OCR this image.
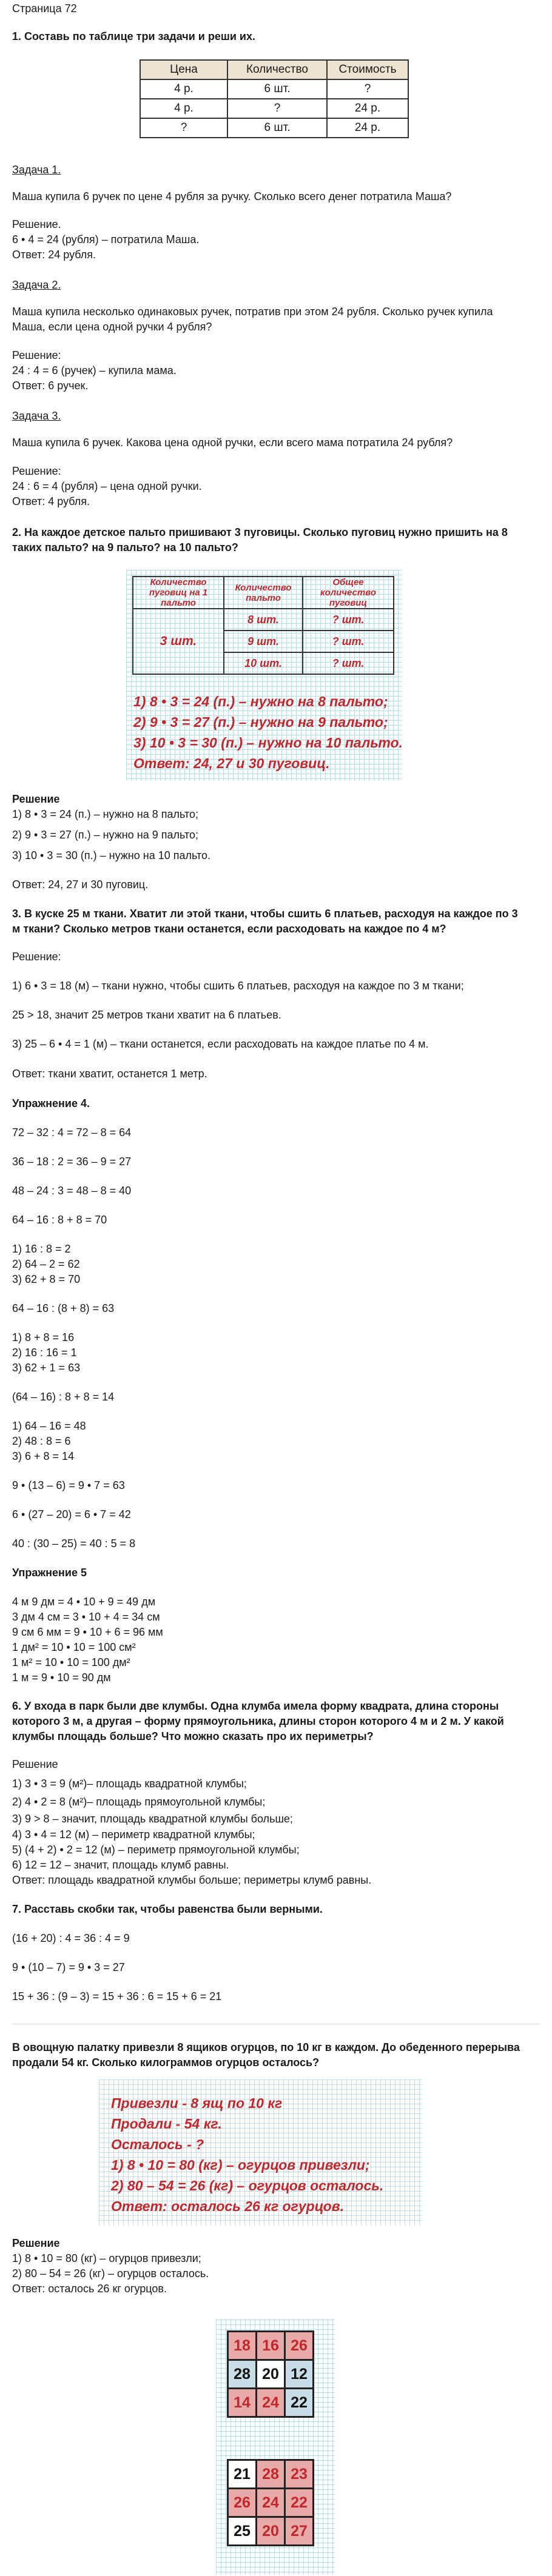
Страница 72
1. Составь по таблице три задачи и реши их.
Цена	Количество	Стоимость
4 р.	6 шт.	?
4 р.	?	24 р.
?	6 шт.	24 р.
Задача 1.
Маша купила 6 ручек по цене 4 рубля за ручку. Сколько всего денег потратила Маша?
Решение.
6 • 4 = 24 (рубля) – потратила Маша.
Ответ: 24 рубля.
Задача 2.
Маша купила несколько одинаковых ручек, потратив при этом 24 рубля. Сколько ручек купила
Маша, если цена одной ручки 4 рубля?
Решение:
24 : 4 = 6 (ручек) – купила мама.
Ответ: 6 ручек.
Задача 3.
Маша купила 6 ручек. Какова цена одной ручки, если всего мама потратила 24 рубля?
Решение:
24 : 6 = 4 (рубля) – цена одной ручки.
Ответ: 4 рубля.
2. На каждое детское пальто пришивают 3 пуговицы. Сколько пуговиц нужно пришить на 8
таких пальто? на 9 пальто? на 10 пальто?
Количество пуговиц на 1 пальто	Количество пальто	Общее количество пуговиц
3 шт.	8 шт.	? шт.
	9 шт.	? шт.
	10 шт.	? шт.
1) 8 • 3 = 24 (п.) – нужно на 8 пальто;
2) 9 • 3 = 27 (п.) – нужно на 9 пальто;
3) 10 • 3 = 30 (п.) – нужно на 10 пальто.
Ответ: 24, 27 и 30 пуговиц.
Решение
1) 8 • 3 = 24 (п.) – нужно на 8 пальто;
2) 9 • 3 = 27 (п.) – нужно на 9 пальто;
3) 10 • 3 = 30 (п.) – нужно на 10 пальто.
Ответ: 24, 27 и 30 пуговиц.
3. В куске 25 м ткани. Хватит ли этой ткани, чтобы сшить 6 платьев, расходуя на каждое по 3
м ткани? Сколько метров ткани останется, если расходовать на каждое по 4 м?
Решение:
1) 6 • 3 = 18 (м) – ткани нужно, чтобы сшить 6 платьев, расходуя на каждое по 3 м ткани;
25 > 18, значит 25 метров ткани хватит на 6 платьев.
3) 25 – 6 • 4 = 1 (м) – ткани останется, если расходовать на каждое платье по 4 м.
Ответ: ткани хватит, останется 1 метр.
Упражнение 4.
72 – 32 : 4 = 72 – 8 = 64
36 – 18 : 2 = 36 – 9 = 27
48 – 24 : 3 = 48 – 8 = 40
64 – 16 : 8 + 8 = 70
1) 16 : 8 = 2
2) 64 – 2 = 62
3) 62 + 8 = 70
64 – 16 : (8 + 8) = 63
1) 8 + 8 = 16
2) 16 : 16 = 1
3) 62 + 1 = 63
(64 – 16) : 8 + 8 = 14
1) 64 – 16 = 48
2) 48 : 8 = 6
3) 6 + 8 = 14
9 • (13 – 6) = 9 • 7 = 63
6 • (27 – 20) = 6 • 7 = 42
40 : (30 – 25) = 40 : 5 = 8
Упражнение 5
4 м 9 дм = 4 • 10 + 9 = 49 дм
3 дм 4 см = 3 • 10 + 4 = 34 см
9 см 6 мм = 9 • 10 + 6 = 96 мм
1 дм² = 10 • 10 = 100 см²
1 м² = 10 • 10 = 100 дм²
1 м = 9 • 10 = 90 дм
6. У входа в парк были две клумбы. Одна клумба имела форму квадрата, длина стороны
которого 3 м, а другая – форму прямоугольника, длины сторон которого 4 м и 2 м. У какой
клумбы площадь больше? Что можно сказать про их периметры?
Решение
1) 3 • 3 = 9 (м²)– площадь квадратной клумбы;
2) 4 • 2 = 8 (м²)– площадь прямоугольной клумбы;
3) 9 > 8 – значит, площадь квадратной клумбы больше;
4) 3 • 4 = 12 (м) – периметр квадратной клумбы;
5) (4 + 2) • 2 = 12 (м) – периметр прямоугольной клумбы;
6) 12 = 12 – значит, площадь клумб равны.
Ответ: площадь квадратной клумбы больше; периметры клумб равны.
7. Расставь скобки так, чтобы равенства были верными.
(16 + 20) : 4 = 36 : 4 = 9
9 • (10 – 7) = 9 • 3 = 27
15 + 36 : (9 – 3) = 15 + 36 : 6 = 15 + 6 = 21
В овощную палатку привезли 8 ящиков огурцов, по 10 кг в каждом. До обеденного перерыва
продали 54 кг. Сколько килограммов огурцов осталось?
Привезли - 8 ящ по 10 кг
Продали - 54 кг.
Осталось - ?
1) 8 • 10 = 80 (кг) – огурцов привезли;
2) 80 – 54 = 26 (кг) – огурцов осталось.
Ответ: осталось 26 кг огурцов.
Решение
1) 8 • 10 = 80 (кг) – огурцов привезли;
2) 80 – 54 = 26 (кг) – огурцов осталось.
Ответ: осталось 26 кг огурцов.
18	16	26
28	20	12
14	24	22
21	28	23
26	24	22
25	20	27
